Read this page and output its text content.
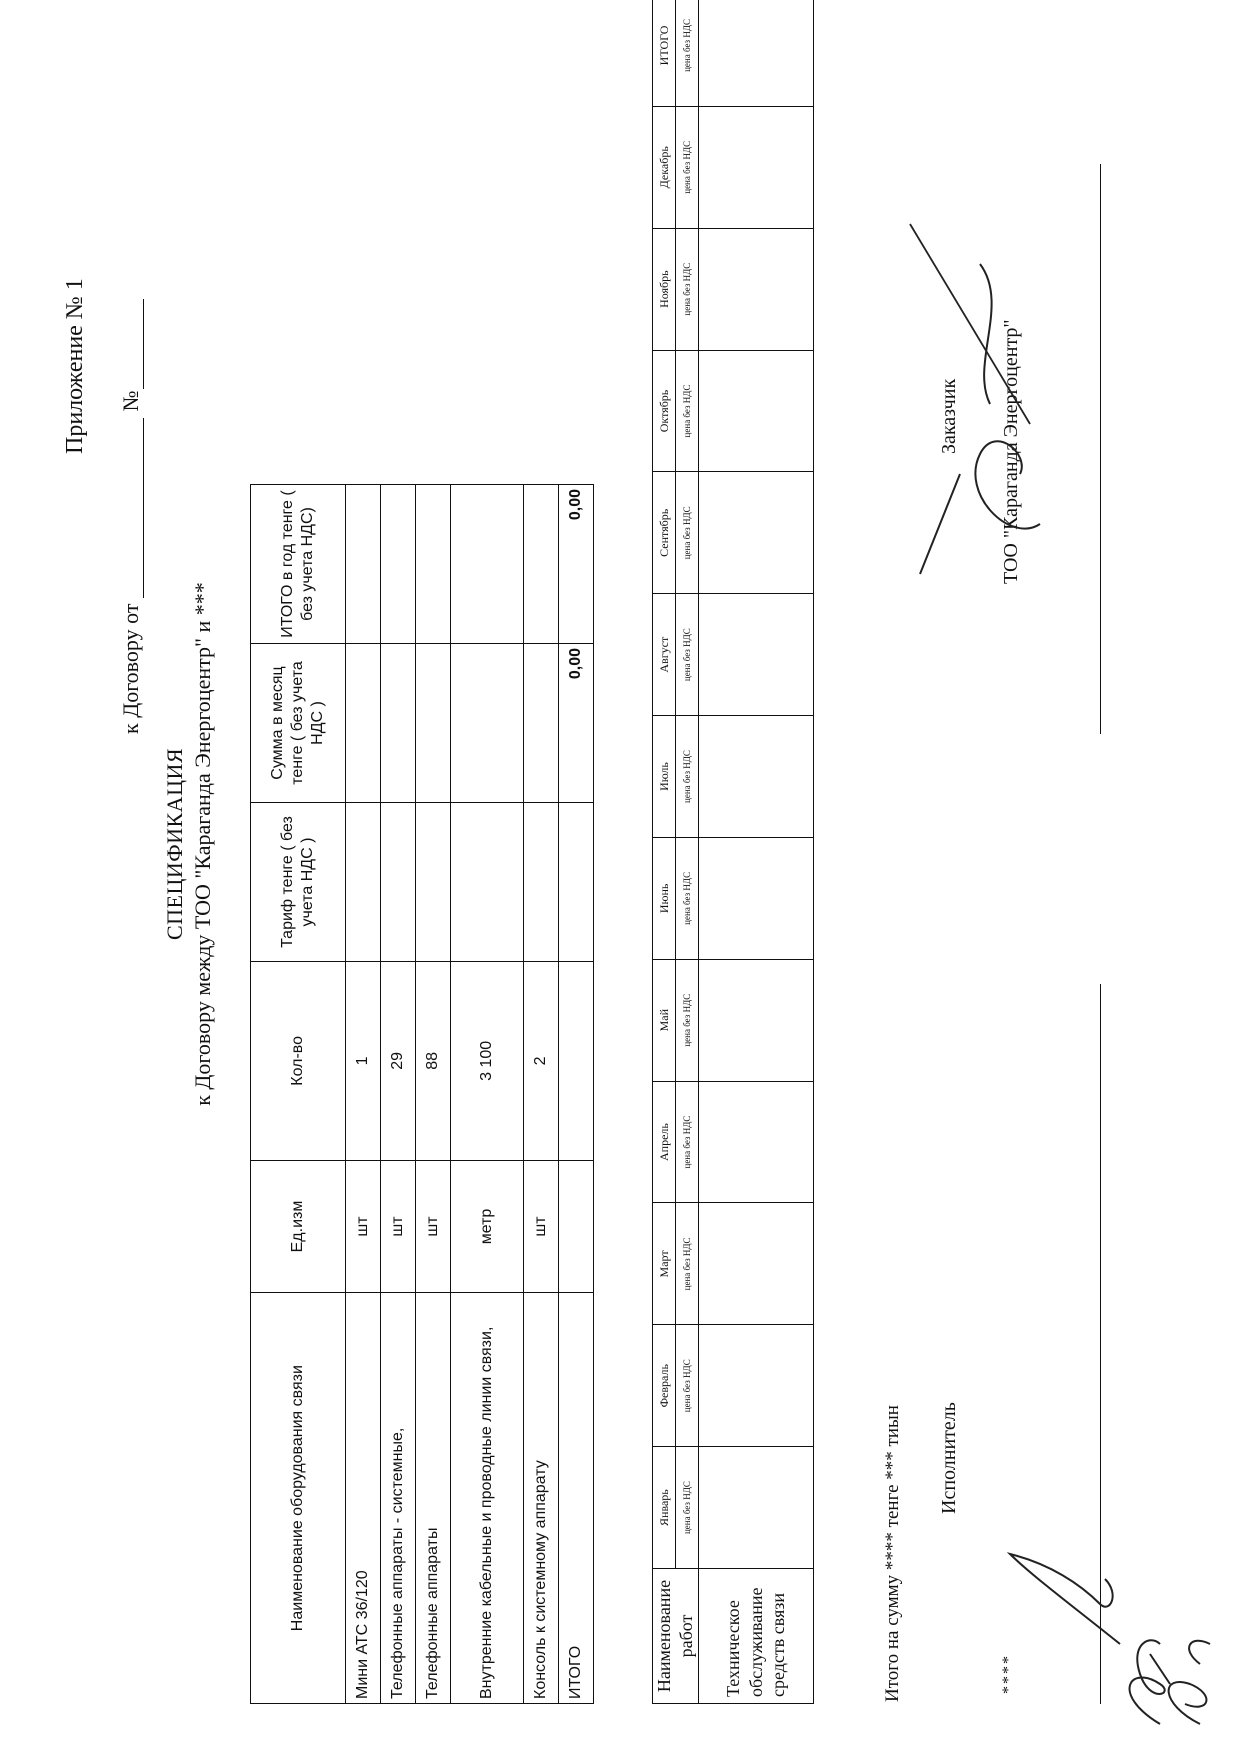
Приложение № 1
к Договору от№
СПЕЦИФИКАЦИЯ к Договору между ТОО "Караганда Энергоцентр" и ***
Наименование оборудования связи	Ед.изм	Кол-во	Тариф тенге ( без учета НДС )	Сумма в месяц тенге ( без учета НДС )	ИТОГО в год тенге ( без учета НДС)
Мини АТС 36/120	шт	1			
Телефонные аппараты - системные,	шт	29			
Телефонные аппараты	шт	88			
Внутренние кабельные и проводные линии связи,	метр	3 100			
Консоль к системному аппарату	шт	2			
ИТОГО				0,00	0,00
Наименование работ	Январь	Февраль	Март	Апрель	Май	Июнь	Июль	Август	Сентябрь	Октябрь	Ноябрь	Декабрь	ИТОГО
	цена без НДС	цена без НДС	цена без НДС	цена без НДС	цена без НДС	цена без НДС	цена без НДС	цена без НДС	цена без НДС	цена без НДС	цена без НДС	цена без НДС	цена без НДС
Техническое обслуживание средств связи														Итого на сумму **** тенге *** тиын Исполнитель
Заказчик ТОО "Караганда Энергоцентр"
****
